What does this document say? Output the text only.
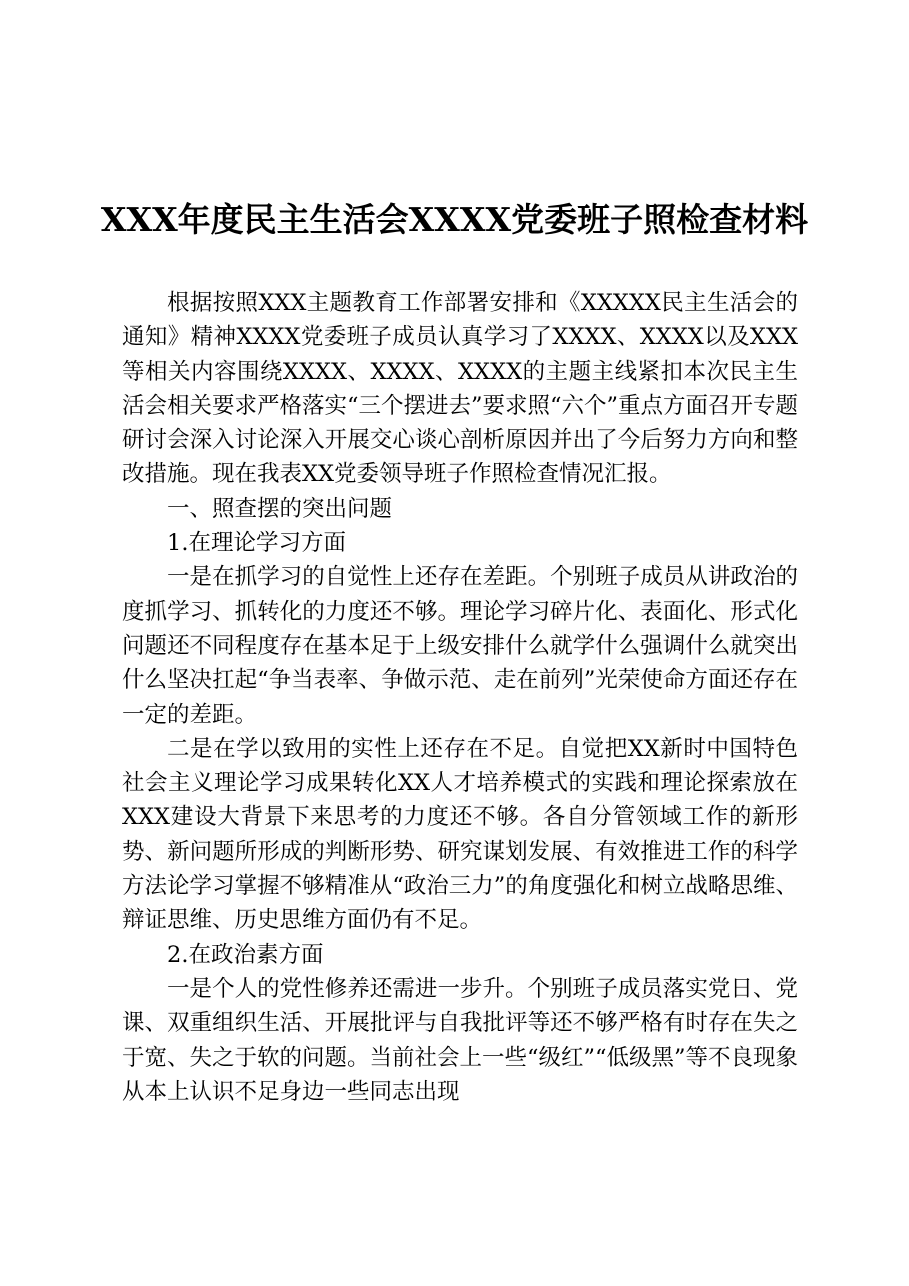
XXX年度民主生活会XXXX党委班子照检查材料

根据按照XXX主题教育工作部署安排和《XXXXX民主生活会的通知》精神XXXX党委班子成员认真学习了XXXX、XXXX以及XXX等相关内容围绕XXXX、XXXX、XXXX的主题主线紧扣本次民主生活会相关要求严格落实“三个摆进去”要求照“六个”重点方面召开专题研讨会深入讨论深入开展交心谈心剖析原因并出了今后努力方向和整改措施。现在我表XX党委领导班子作照检查情况汇报。

一、照查摆的突出问题

1.在理论学习方面

一是在抓学习的自觉性上还存在差距。个别班子成员从讲政治的度抓学习、抓转化的力度还不够。理论学习碎片化、表面化、形式化问题还不同程度存在基本足于上级安排什么就学什么强调什么就突出什么坚决扛起“争当表率、争做示范、走在前列”光荣使命方面还存在一定的差距。

二是在学以致用的实性上还存在不足。自觉把XX新时中国特色社会主义理论学习成果转化XX人才培养模式的实践和理论探索放在XXX建设大背景下来思考的力度还不够。各自分管领域工作的新形势、新问题所形成的判断形势、研究谋划发展、有效推进工作的科学方法论学习掌握不够精准从“政治三力”的角度强化和树立战略思维、辩证思维、历史思维方面仍有不足。

2.在政治素方面

一是个人的党性修养还需进一步升。个别班子成员落实党日、党课、双重组织生活、开展批评与自我批评等还不够严格有时存在失之于宽、失之于软的问题。当前社会上一些“级红”“低级黑”等不良现象从本上认识不足身边一些同志出现
